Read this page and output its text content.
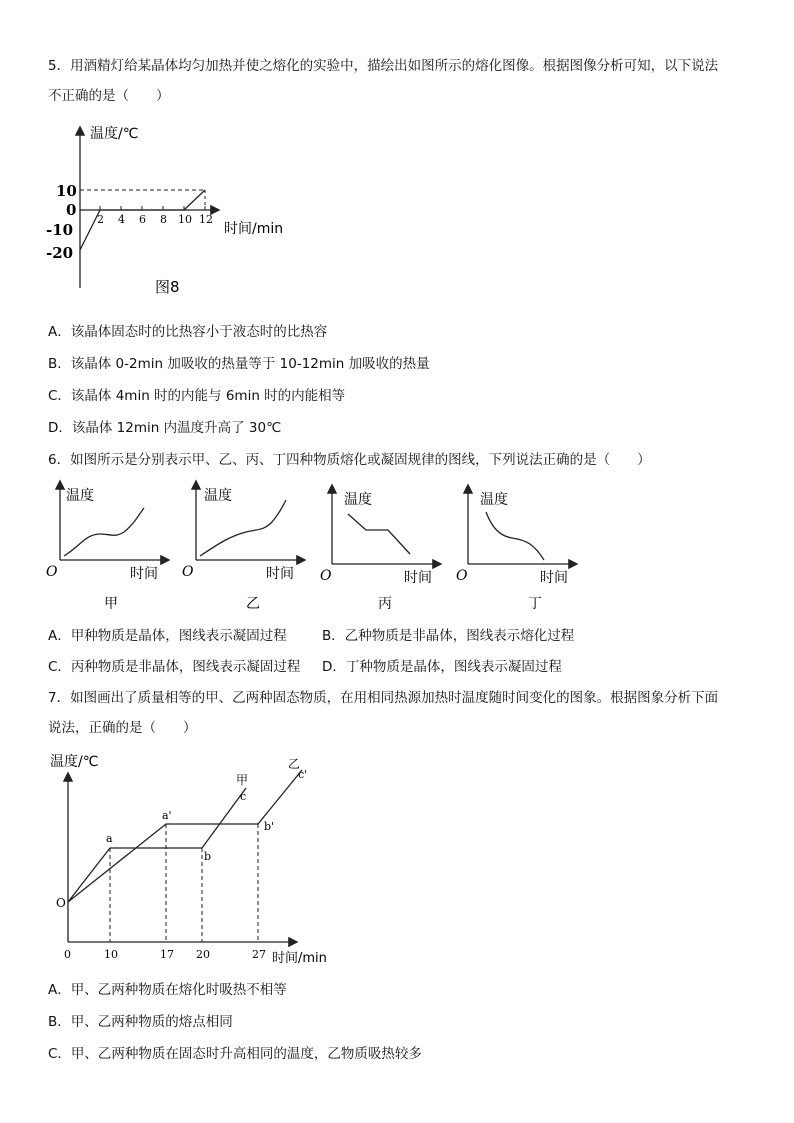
5．用酒精灯给某晶体均匀加热并使之熔化的实验中，描绘出如图所示的熔化图像。根据图像分析可知，以下说法
不正确的是（　　）
温度/℃
10
0
-10
-20
2 4 6 8 10 12
时间/min
图8
A．该晶体固态时的比热容小于液态时的比热容
B．该晶体 0-2min 加吸收的热量等于 10-12min 加吸收的热量
C．该晶体 4min 时的内能与 6min 时的内能相等
D．该晶体 12min 内温度升高了 30℃
6．如图所示是分别表示甲、乙、丙、丁四种物质熔化或凝固规律的图线，下列说法正确的是（　　）
温度
O	时间
甲
温度
O	时间
乙
温度
O	时间
丙
温度
O	时间
丁
A．甲种物质是晶体，图线表示凝固过程	B．乙种物质是非晶体，图线表示熔化过程
C．丙种物质是非晶体，图线表示凝固过程 D．丁种物质是晶体，图线表示凝固过程
7．如图画出了质量相等的甲、乙两种固态物质，在用相同热源加热时温度随时间变化的图象。根据图象分析下面
说法，正确的是（　　）
温度/℃
O
0	10	17 20	27 时间/min
a
b
c
a'
b'
c'
甲
乙
A．甲、乙两种物质在熔化时吸热不相等
B．甲、乙两种物质的熔点相同
C．甲、乙两种物质在固态时升高相同的温度，乙物质吸热较多
